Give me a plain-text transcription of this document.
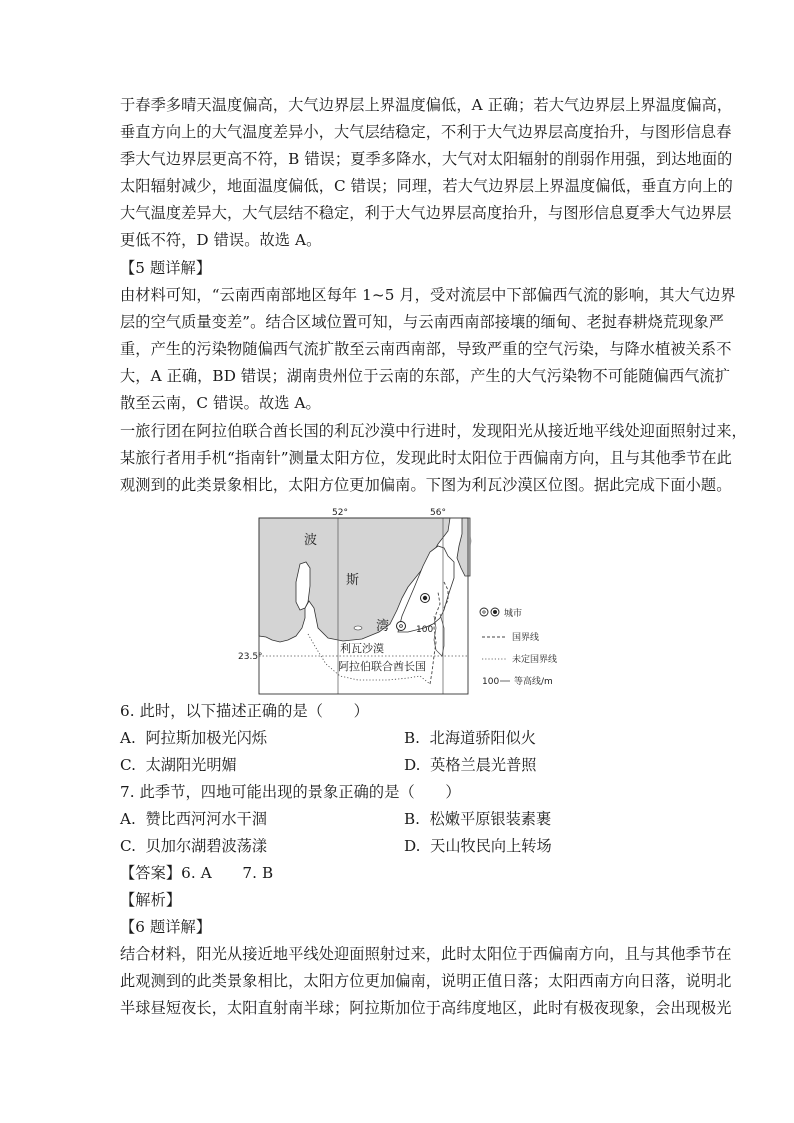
于春季多晴天温度偏高，大气边界层上界温度偏低，A 正确；若大气边界层上界温度偏高，
垂直方向上的大气温度差异小，大气层结稳定，不利于大气边界层高度抬升，与图形信息春
季大气边界层更高不符，B 错误；夏季多降水，大气对太阳辐射的削弱作用强，到达地面的
太阳辐射减少，地面温度偏低，C 错误；同理，若大气边界层上界温度偏低，垂直方向上的
大气温度差异大，大气层结不稳定，利于大气边界层高度抬升，与图形信息夏季大气边界层
更低不符，D 错误。故选 A。
【5 题详解】
由材料可知，“云南西南部地区每年 1~5 月，受对流层中下部偏西气流的影响，其大气边界
层的空气质量变差”。结合区域位置可知，与云南西南部接壤的缅甸、老挝春耕烧荒现象严
重，产生的污染物随偏西气流扩散至云南西南部，导致严重的空气污染，与降水植被关系不
大，A 正确，BD 错误；湖南贵州位于云南的东部，产生的大气污染物不可能随偏西气流扩
散至云南，C 错误。故选 A。
一旅行团在阿拉伯联合酋长国的利瓦沙漠中行进时，发现阳光从接近地平线处迎面照射过来，
某旅行者用手机“指南针”测量太阳方位，发现此时太阳位于西偏南方向，且与其他季节在此
观测到的此类景象相比，太阳方位更加偏南。下图为利瓦沙漠区位图。据此完成下面小题。
52°	56°
23.5°
波
斯
湾	100
利瓦沙漠
阿拉伯联合酋长国
城市
国界线
未定国界线
100 等高线/m
6. 此时，以下描述正确的是（　　）
A. 阿拉斯加极光闪烁	B. 北海道骄阳似火
C. 太湖阳光明媚	D. 英格兰晨光普照
7. 此季节，四地可能出现的景象正确的是（　　）
A. 赞比西河河水干涸	B. 松嫩平原银装素裹
C. 贝加尔湖碧波荡漾	D. 天山牧民向上转场
【答案】6. A　　7. B
【解析】
【6 题详解】
结合材料，阳光从接近地平线处迎面照射过来，此时太阳位于西偏南方向，且与其他季节在
此观测到的此类景象相比，太阳方位更加偏南，说明正值日落；太阳西南方向日落，说明北
半球昼短夜长，太阳直射南半球；阿拉斯加位于高纬度地区，此时有极夜现象，会出现极光
